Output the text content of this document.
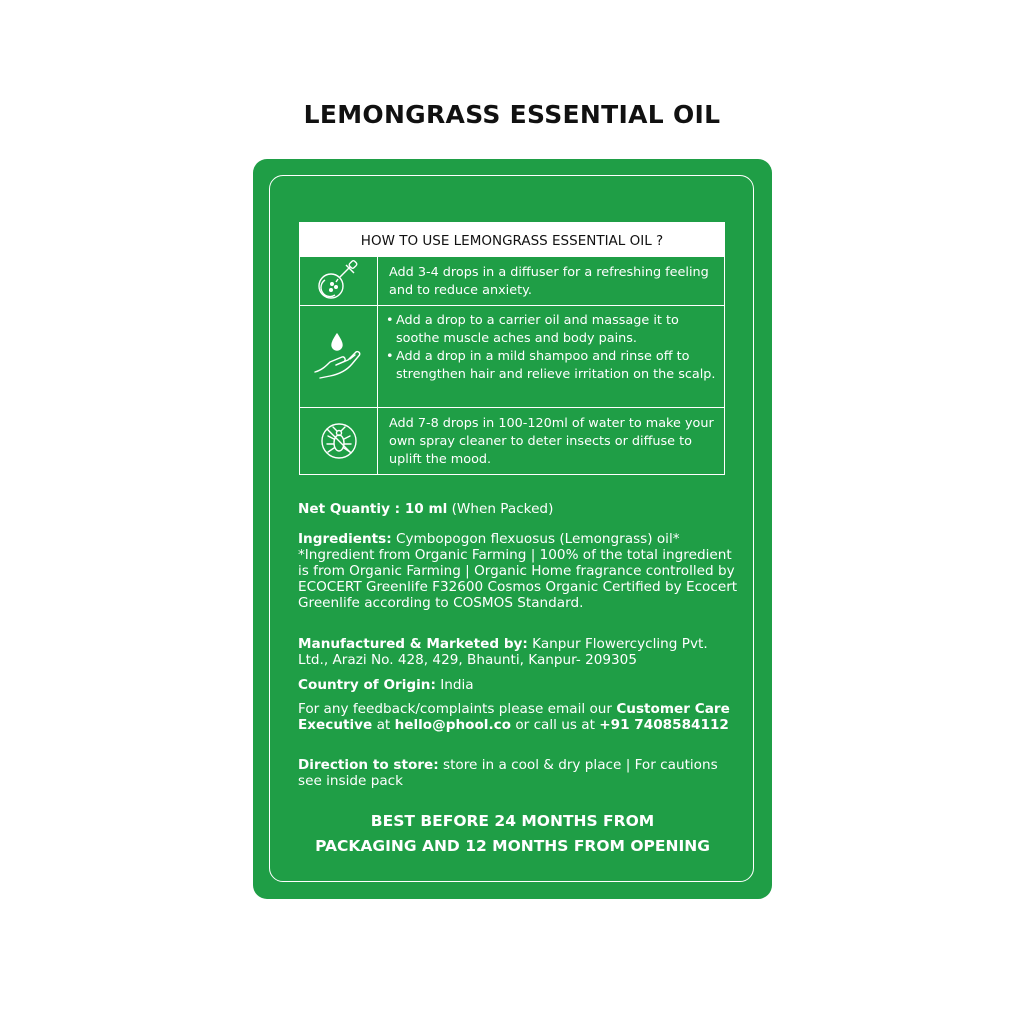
LEMONGRASS ESSENTIAL OIL
HOW TO USE LEMONGRASS ESSENTIAL OIL ?
Add 3-4 drops in a diffuser for a refreshing feeling and to reduce anxiety.
• Add a drop to a carrier oil and massage it to soothe muscle aches and body pains.
• Add a drop in a mild shampoo and rinse off to strengthen hair and relieve irritation on the scalp.
Add 7-8 drops in 100-120ml of water to make your own spray cleaner to deter insects or diffuse to uplift the mood.
Net Quantiy : 10 ml (When Packed)
Ingredients: Cymbopogon flexuosus (Lemongrass) oil* *Ingredient from Organic Farming | 100% of the total ingredient is from Organic Farming | Organic Home fragrance controlled by ECOCERT Greenlife F32600 Cosmos Organic Certified by Ecocert Greenlife according to COSMOS Standard.
Manufactured & Marketed by: Kanpur Flowercycling Pvt. Ltd., Arazi No. 428, 429, Bhaunti, Kanpur- 209305
Country of Origin: India
For any feedback/complaints please email our Customer Care Executive at hello@phool.co or call us at +91 7408584112
Direction to store: store in a cool & dry place | For cautions see inside pack
BEST BEFORE 24 MONTHS FROM
PACKAGING AND 12 MONTHS FROM OPENING
